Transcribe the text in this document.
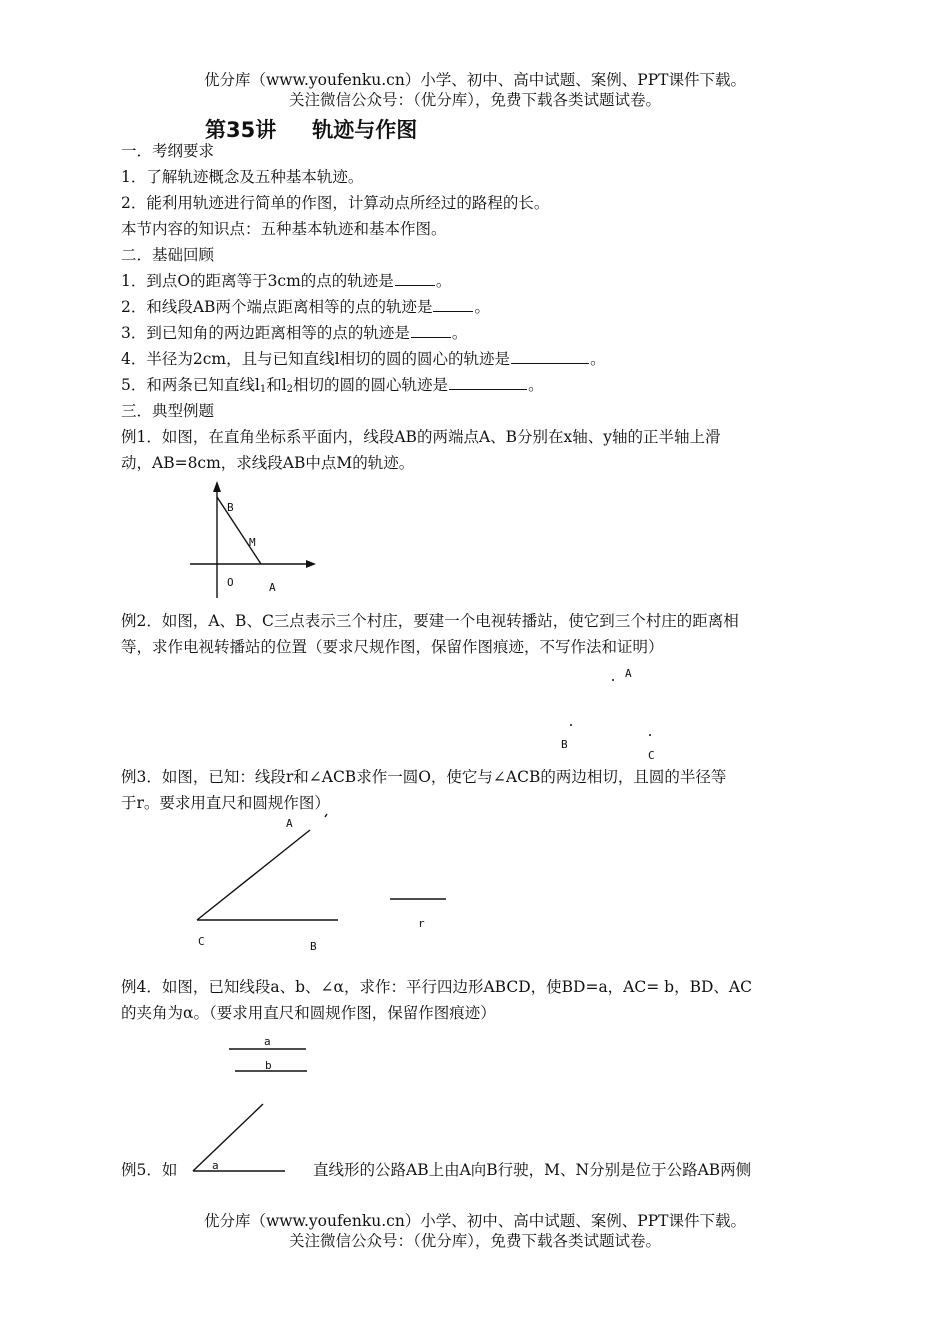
优分库（www.youfenku.cn）小学、初中、高中试题、案例、PPT课件下载。
关注微信公众号：（优分库），免费下载各类试题试卷。
第35讲 轨迹与作图
一．考纲要求
1．了解轨迹概念及五种基本轨迹。
2．能利用轨迹进行简单的作图，计算动点所经过的路程的长。
本节内容的知识点：五种基本轨迹和基本作图。
二．基础回顾
1．到点O的距离等于3cm的点的轨迹是	。
2．和线段AB两个端点距离相等的点的轨迹是	。
3．到已知角的两边距离相等的点的轨迹是	。
4．半径为2cm，且与已知直线l相切的圆的圆心的轨迹是	。
5．和两条已知直线$l_1$和$l_2$相切的圆的圆心轨迹是	。
三．典型例题
例1．如图，在直角坐标系平面内，线段AB的两端点A、B分别在x轴、y轴的正半轴上滑
动，AB=8cm，求线段AB中点M的轨迹。
B
M
O	A
例2．如图，A、B、C三点表示三个村庄，要建一个电视转播站，使它到三个村庄的距离相
等，求作电视转播站的位置（要求尺规作图，保留作图痕迹，不写作法和证明）
A
B
C
例3．如图，已知：线段r和∠ACB求作一圆O，使它与∠ACB的两边相切，且圆的半径等
于r。要求用直尺和圆规作图）
A
C	B
r
例4．如图，已知线段a、b、∠α，求作：平行四边形ABCD，使BD=a，AC= b，BD、AC
的夹角为α。（要求用直尺和圆规作图，保留作图痕迹）
a
b
a
例5．如	直线形的公路AB上由A向B行驶，M、N分别是位于公路AB两侧
优分库（www.youfenku.cn）小学、初中、高中试题、案例、PPT课件下载。
关注微信公众号：（优分库），免费下载各类试题试卷。
